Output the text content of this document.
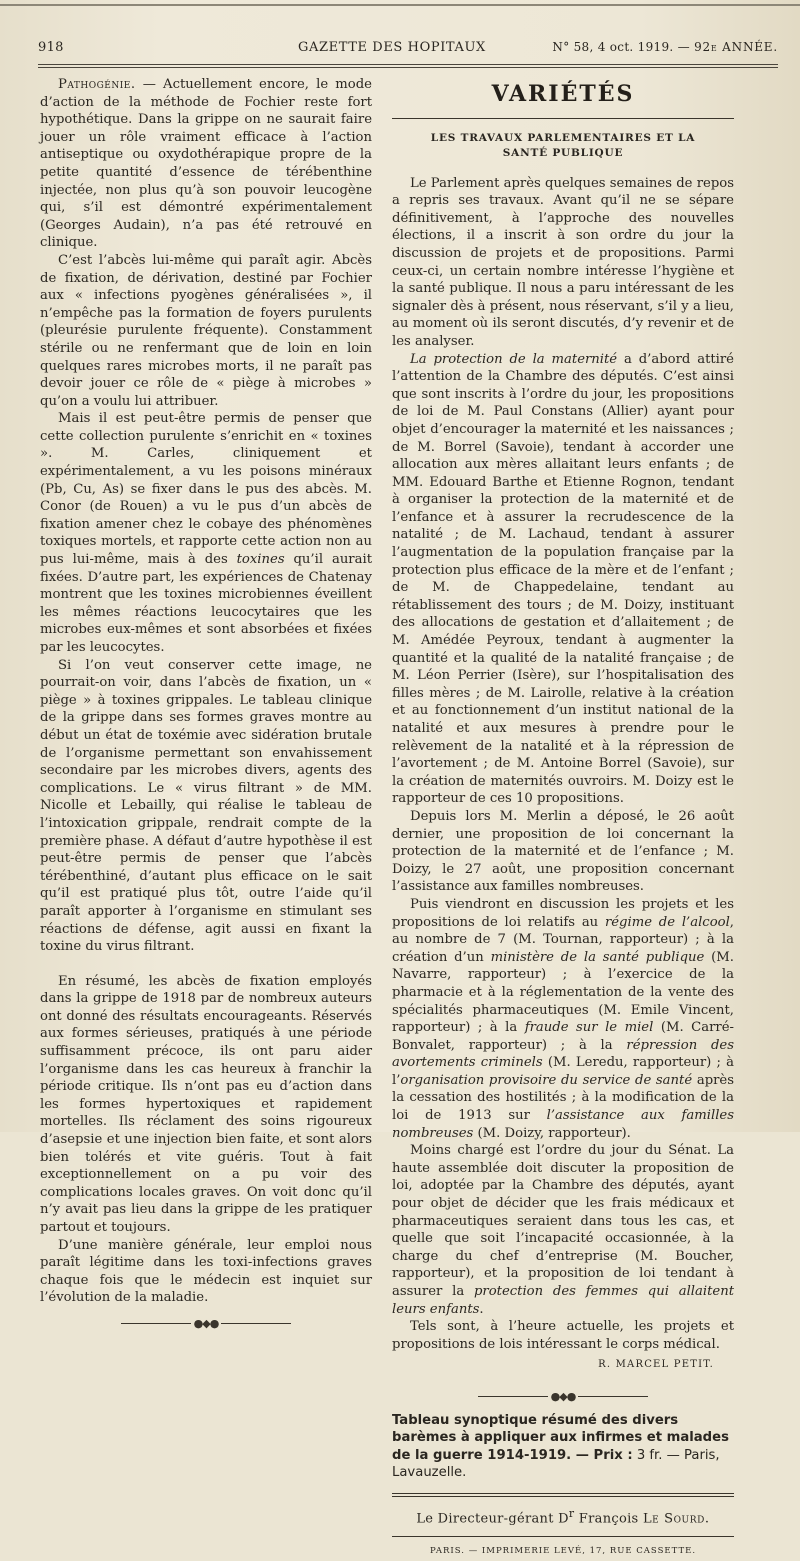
918	GAZETTE DES HOPITAUX	N° 58, 4 oct. 1919. — 92e ANNÉE.

Pathogénie. — Actuellement encore, le mode d’action de la méthode de Fochier reste fort hypothétique. Dans la grippe on ne saurait faire jouer un rôle vraiment efficace à l’action antiseptique ou oxydothérapique propre de la petite quantité d’essence de térébenthine injectée, non plus qu’à son pouvoir leucogène qui, s’il est démontré expérimentalement (Georges Audain), n’a pas été retrouvé en clinique.

C’est l’abcès lui-même qui paraît agir. Abcès de fixation, de dérivation, destiné par Fochier aux « infections pyogènes généralisées », il n’empêche pas la formation de foyers purulents (pleurésie purulente fréquente). Constamment stérile ou ne renfermant que de loin en loin quelques rares microbes morts, il ne paraît pas devoir jouer ce rôle de « piège à microbes » qu’on a voulu lui attribuer.

Mais il est peut-être permis de penser que cette collection purulente s’enrichit en « toxines ». M. Carles, cliniquement et expérimentalement, a vu les poisons minéraux (Pb, Cu, As) se fixer dans le pus des abcès. M. Conor (de Rouen) a vu le pus d’un abcès de fixation amener chez le cobaye des phénomènes toxiques mortels, et rapporte cette action non au pus lui-même, mais à des toxines qu’il aurait fixées. D’autre part, les expériences de Chatenay montrent que les toxines microbiennes éveillent les mêmes réactions leucocytaires que les microbes eux-mêmes et sont absorbées et fixées par les leucocytes.

Si l’on veut conserver cette image, ne pourrait-on voir, dans l’abcès de fixation, un « piège » à toxines grippales. Le tableau clinique de la grippe dans ses formes graves montre au début un état de toxémie avec sidération brutale de l’organisme permettant son envahissement secondaire par les microbes divers, agents des complications. Le « virus filtrant » de MM. Nicolle et Lebailly, qui réalise le tableau de l’intoxication grippale, rendrait compte de la première phase. A défaut d’autre hypothèse il est peut-être permis de penser que l’abcès térébenthiné, d’autant plus efficace on le sait qu’il est pratiqué plus tôt, outre l’aide qu’il paraît apporter à l’organisme en stimulant ses réactions de défense, agit aussi en fixant la toxine du virus filtrant.

En résumé, les abcès de fixation employés dans la grippe de 1918 par de nombreux auteurs ont donné des résultats encourageants. Réservés aux formes sérieuses, pratiqués à une période suffisamment précoce, ils ont paru aider l’organisme dans les cas heureux à franchir la période critique. Ils n’ont pas eu d’action dans les formes hypertoxiques et rapidement mortelles. Ils réclament des soins rigoureux d’asepsie et une injection bien faite, et sont alors bien tolérés et vite guéris. Tout à fait exceptionnellement on a pu voir des complications locales graves. On voit donc qu’il n’y avait pas lieu dans la grippe de les pratiquer partout et toujours.

D’une manière générale, leur emploi nous paraît légitime dans les toxi-infections graves chaque fois que le médecin est inquiet sur l’évolution de la maladie.

●◆●
VARIÉTÉS
LES TRAVAUX PARLEMENTAIRES ET LA SANTÉ PUBLIQUE

Le Parlement après quelques semaines de repos a repris ses travaux. Avant qu’il ne se sépare définitivement, à l’approche des nouvelles élections, il a inscrit à son ordre du jour la discussion de projets et de propositions. Parmi ceux-ci, un certain nombre intéresse l’hygiène et la santé publique. Il nous a paru intéressant de les signaler dès à présent, nous réservant, s’il y a lieu, au moment où ils seront discutés, d’y revenir et de les analyser.

La protection de la maternité a d’abord attiré l’attention de la Chambre des députés. C’est ainsi que sont inscrits à l’ordre du jour, les propositions de loi de M. Paul Constans (Allier) ayant pour objet d’encourager la maternité et les naissances ; de M. Borrel (Savoie), tendant à accorder une allocation aux mères allaitant leurs enfants ; de MM. Edouard Barthe et Etienne Rognon, tendant à organiser la protection de la maternité et de l’enfance et à assurer la recrudescence de la natalité ; de M. Lachaud, tendant à assurer l’augmentation de la population française par la protection plus efficace de la mère et de l’enfant ; de M. de Chappedelaine, tendant au rétablissement des tours ; de M. Doizy, instituant des allocations de gestation et d’allaitement ; de M. Amédée Peyroux, tendant à augmenter la quantité et la qualité de la natalité française ; de M. Léon Perrier (Isère), sur l’hospitalisation des filles mères ; de M. Lairolle, relative à la création et au fonctionnement d’un institut national de la natalité et aux mesures à prendre pour le relèvement de la natalité et à la répression de l’avortement ; de M. Antoine Borrel (Savoie), sur la création de maternités ouvroirs. M. Doizy est le rapporteur de ces 10 propositions.

Depuis lors M. Merlin a déposé, le 26 août dernier, une proposition de loi concernant la protection de la maternité et de l’enfance ; M. Doizy, le 27 août, une proposition concernant l’assistance aux familles nombreuses.

Puis viendront en discussion les projets et les propositions de loi relatifs au régime de l’alcool, au nombre de 7 (M. Tournan, rapporteur) ; à la création d’un ministère de la santé publique (M. Navarre, rapporteur) ; à l’exercice de la pharmacie et à la réglementation de la vente des spécialités pharmaceutiques (M. Emile Vincent, rapporteur) ; à la fraude sur le miel (M. Carré-Bonvalet, rapporteur) ; à la répression des avortements criminels (M. Leredu, rapporteur) ; à l’organisation provisoire du service de santé après la cessation des hostilités ; à la modification de la loi de 1913 sur l’assistance aux familles nombreuses (M. Doizy, rapporteur).

Moins chargé est l’ordre du jour du Sénat. La haute assemblée doit discuter la proposition de loi, adoptée par la Chambre des députés, ayant pour objet de décider que les frais médicaux et pharmaceutiques seraient dans tous les cas, et quelle que soit l’incapacité occasionnée, à la charge du chef d’entreprise (M. Boucher, rapporteur), et la proposition de loi tendant à assurer la protection des femmes qui allaitent leurs enfants.

Tels sont, à l’heure actuelle, les projets et propositions de lois intéressant le corps médical.

R. MARCEL PETIT.
●◆●
Tableau synoptique résumé des divers barèmes à appliquer aux infirmes et malades de la guerre 1914-1919. — Prix : 3 fr. — Paris, Lavauzelle.
Le Directeur-gérant $D^r$ François Le Sourd.
PARIS. — IMPRIMERIE LEVÉ, 17, RUE CASSETTE.
